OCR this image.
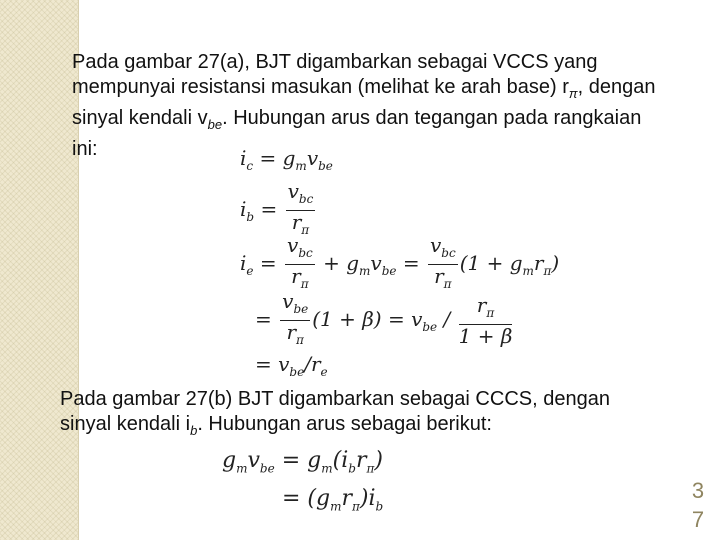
Pada gambar 27(a), BJT digambarkan sebagai VCCS yang mempunyai resistansi masukan (melihat ke arah base) $r_\pi$, dengan sinyal kendali $v_{be}$. Hubungan arus dan tegangan pada rangkaian ini:	$i_c = g_mv_{be}$
$i_b = \frac{v_{bc}}{r_\pi}$
$i_e = \frac{v_{bc}}{r_\pi} + g_mv_{be} = \frac{v_{bc}}{r_\pi} (1 + g_mr_\pi)$
= $\frac{v_{be}}{r_\pi} (1 + \beta) = v_{be} / \frac{r_\pi}{1 + \beta}$
= $v_{be}/r_e$

Pada gambar 27(b) BJT digambarkan sebagai CCCS, dengan sinyal kendali $i_b$. Hubungan arus sebagai berikut:

$g_mv_{be} = g_m(i_br_\pi)$
= $(g_mr_\pi)i_b$
3
7
